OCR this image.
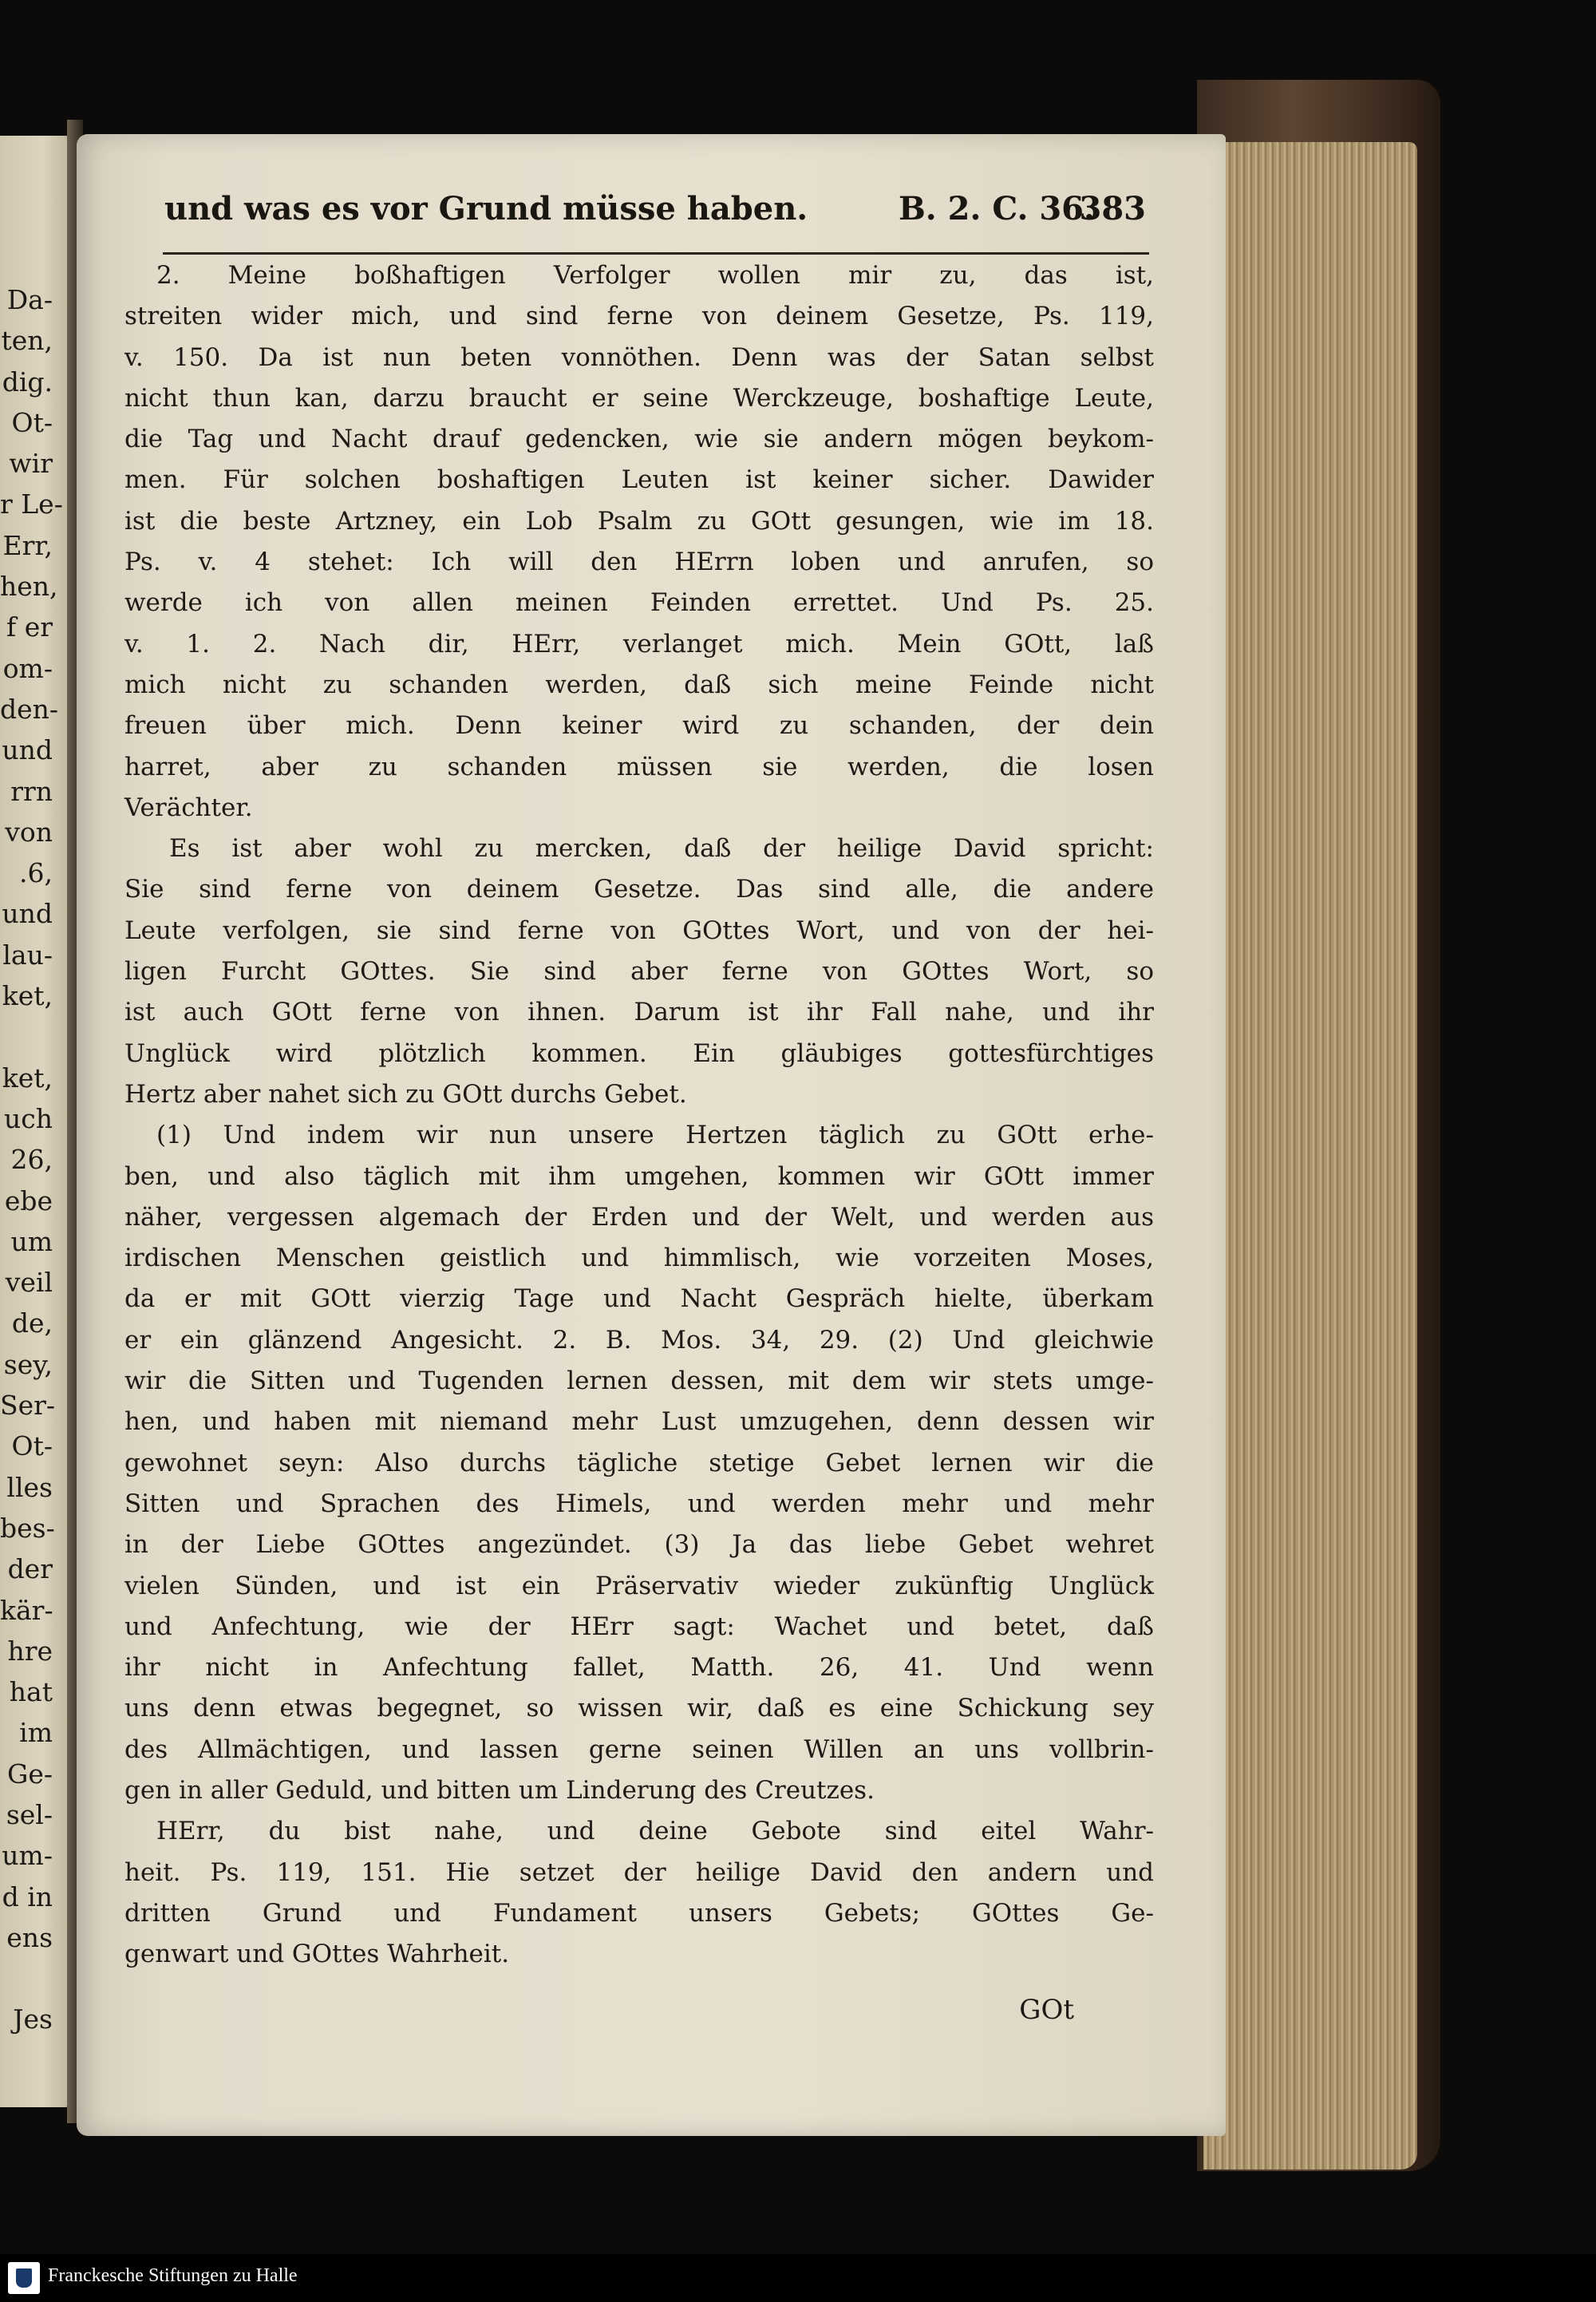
Da-
ten,
dig.
Ot-
wir
r Le-
Err,
hen,
f er
om-
den-
und
rrn
von
.6,
und
lau-
ket,
ket,
uch
26,
ebe
um
veil
de,
sey,
Ser-
Ot-
lles
bes-
der
kär-
hre
hat
im
Ge-
sel-
um-
d in
ens
Jes
und was es vor Grund müsse haben.	B. 2. C. 36.
383
2. Meine boßhaftigen Verfolger wollen mir zu, das ist,
streiten wider mich, und sind ferne von deinem Gesetze, Ps. 119,
v. 150. Da ist nun beten vonnöthen. Denn was der Satan selbst
nicht thun kan, darzu braucht er seine Werckzeuge, boshaftige Leute,
die Tag und Nacht drauf gedencken, wie sie andern mögen beykom-
men. Für solchen boshaftigen Leuten ist keiner sicher. Dawider
ist die beste Artzney, ein Lob Psalm zu GOtt gesungen, wie im 18.
Ps. v. 4 stehet: Ich will den HErrn loben und anrufen, so
werde ich von allen meinen Feinden errettet. Und Ps. 25.
v. 1. 2. Nach dir, HErr, verlanget mich. Mein GOtt, laß
mich nicht zu schanden werden, daß sich meine Feinde nicht
freuen über mich. Denn keiner wird zu schanden, der dein
harret, aber zu schanden müssen sie werden, die losen
Verächter.
Es ist aber wohl zu mercken, daß der heilige David spricht:
Sie sind ferne von deinem Gesetze. Das sind alle, die andere
Leute verfolgen, sie sind ferne von GOttes Wort, und von der hei-
ligen Furcht GOttes. Sie sind aber ferne von GOttes Wort, so
ist auch GOtt ferne von ihnen. Darum ist ihr Fall nahe, und ihr
Unglück wird plötzlich kommen. Ein gläubiges gottesfürchtiges
Hertz aber nahet sich zu GOtt durchs Gebet.
(1) Und indem wir nun unsere Hertzen täglich zu GOtt erhe-
ben, und also täglich mit ihm umgehen, kommen wir GOtt immer
näher, vergessen algemach der Erden und der Welt, und werden aus
irdischen Menschen geistlich und himmlisch, wie vorzeiten Moses,
da er mit GOtt vierzig Tage und Nacht Gespräch hielte, überkam
er ein glänzend Angesicht. 2. B. Mos. 34, 29. (2) Und gleichwie
wir die Sitten und Tugenden lernen dessen, mit dem wir stets umge-
hen, und haben mit niemand mehr Lust umzugehen, denn dessen wir
gewohnet seyn: Also durchs tägliche stetige Gebet lernen wir die
Sitten und Sprachen des Himels, und werden mehr und mehr
in der Liebe GOttes angezündet. (3) Ja das liebe Gebet wehret
vielen Sünden, und ist ein Präservativ wieder zukünftig Unglück
und Anfechtung, wie der HErr sagt: Wachet und betet, daß
ihr nicht in Anfechtung fallet, Matth. 26, 41. Und wenn
uns denn etwas begegnet, so wissen wir, daß es eine Schickung sey
des Allmächtigen, und lassen gerne seinen Willen an uns vollbrin-
gen in aller Geduld, und bitten um Linderung des Creutzes.
HErr, du bist nahe, und deine Gebote sind eitel Wahr-
heit. Ps. 119, 151. Hie setzet der heilige David den andern und
dritten Grund und Fundament unsers Gebets; GOttes Ge-
genwart und GOttes Wahrheit.
GOt
Franckesche Stiftungen zu Halle
